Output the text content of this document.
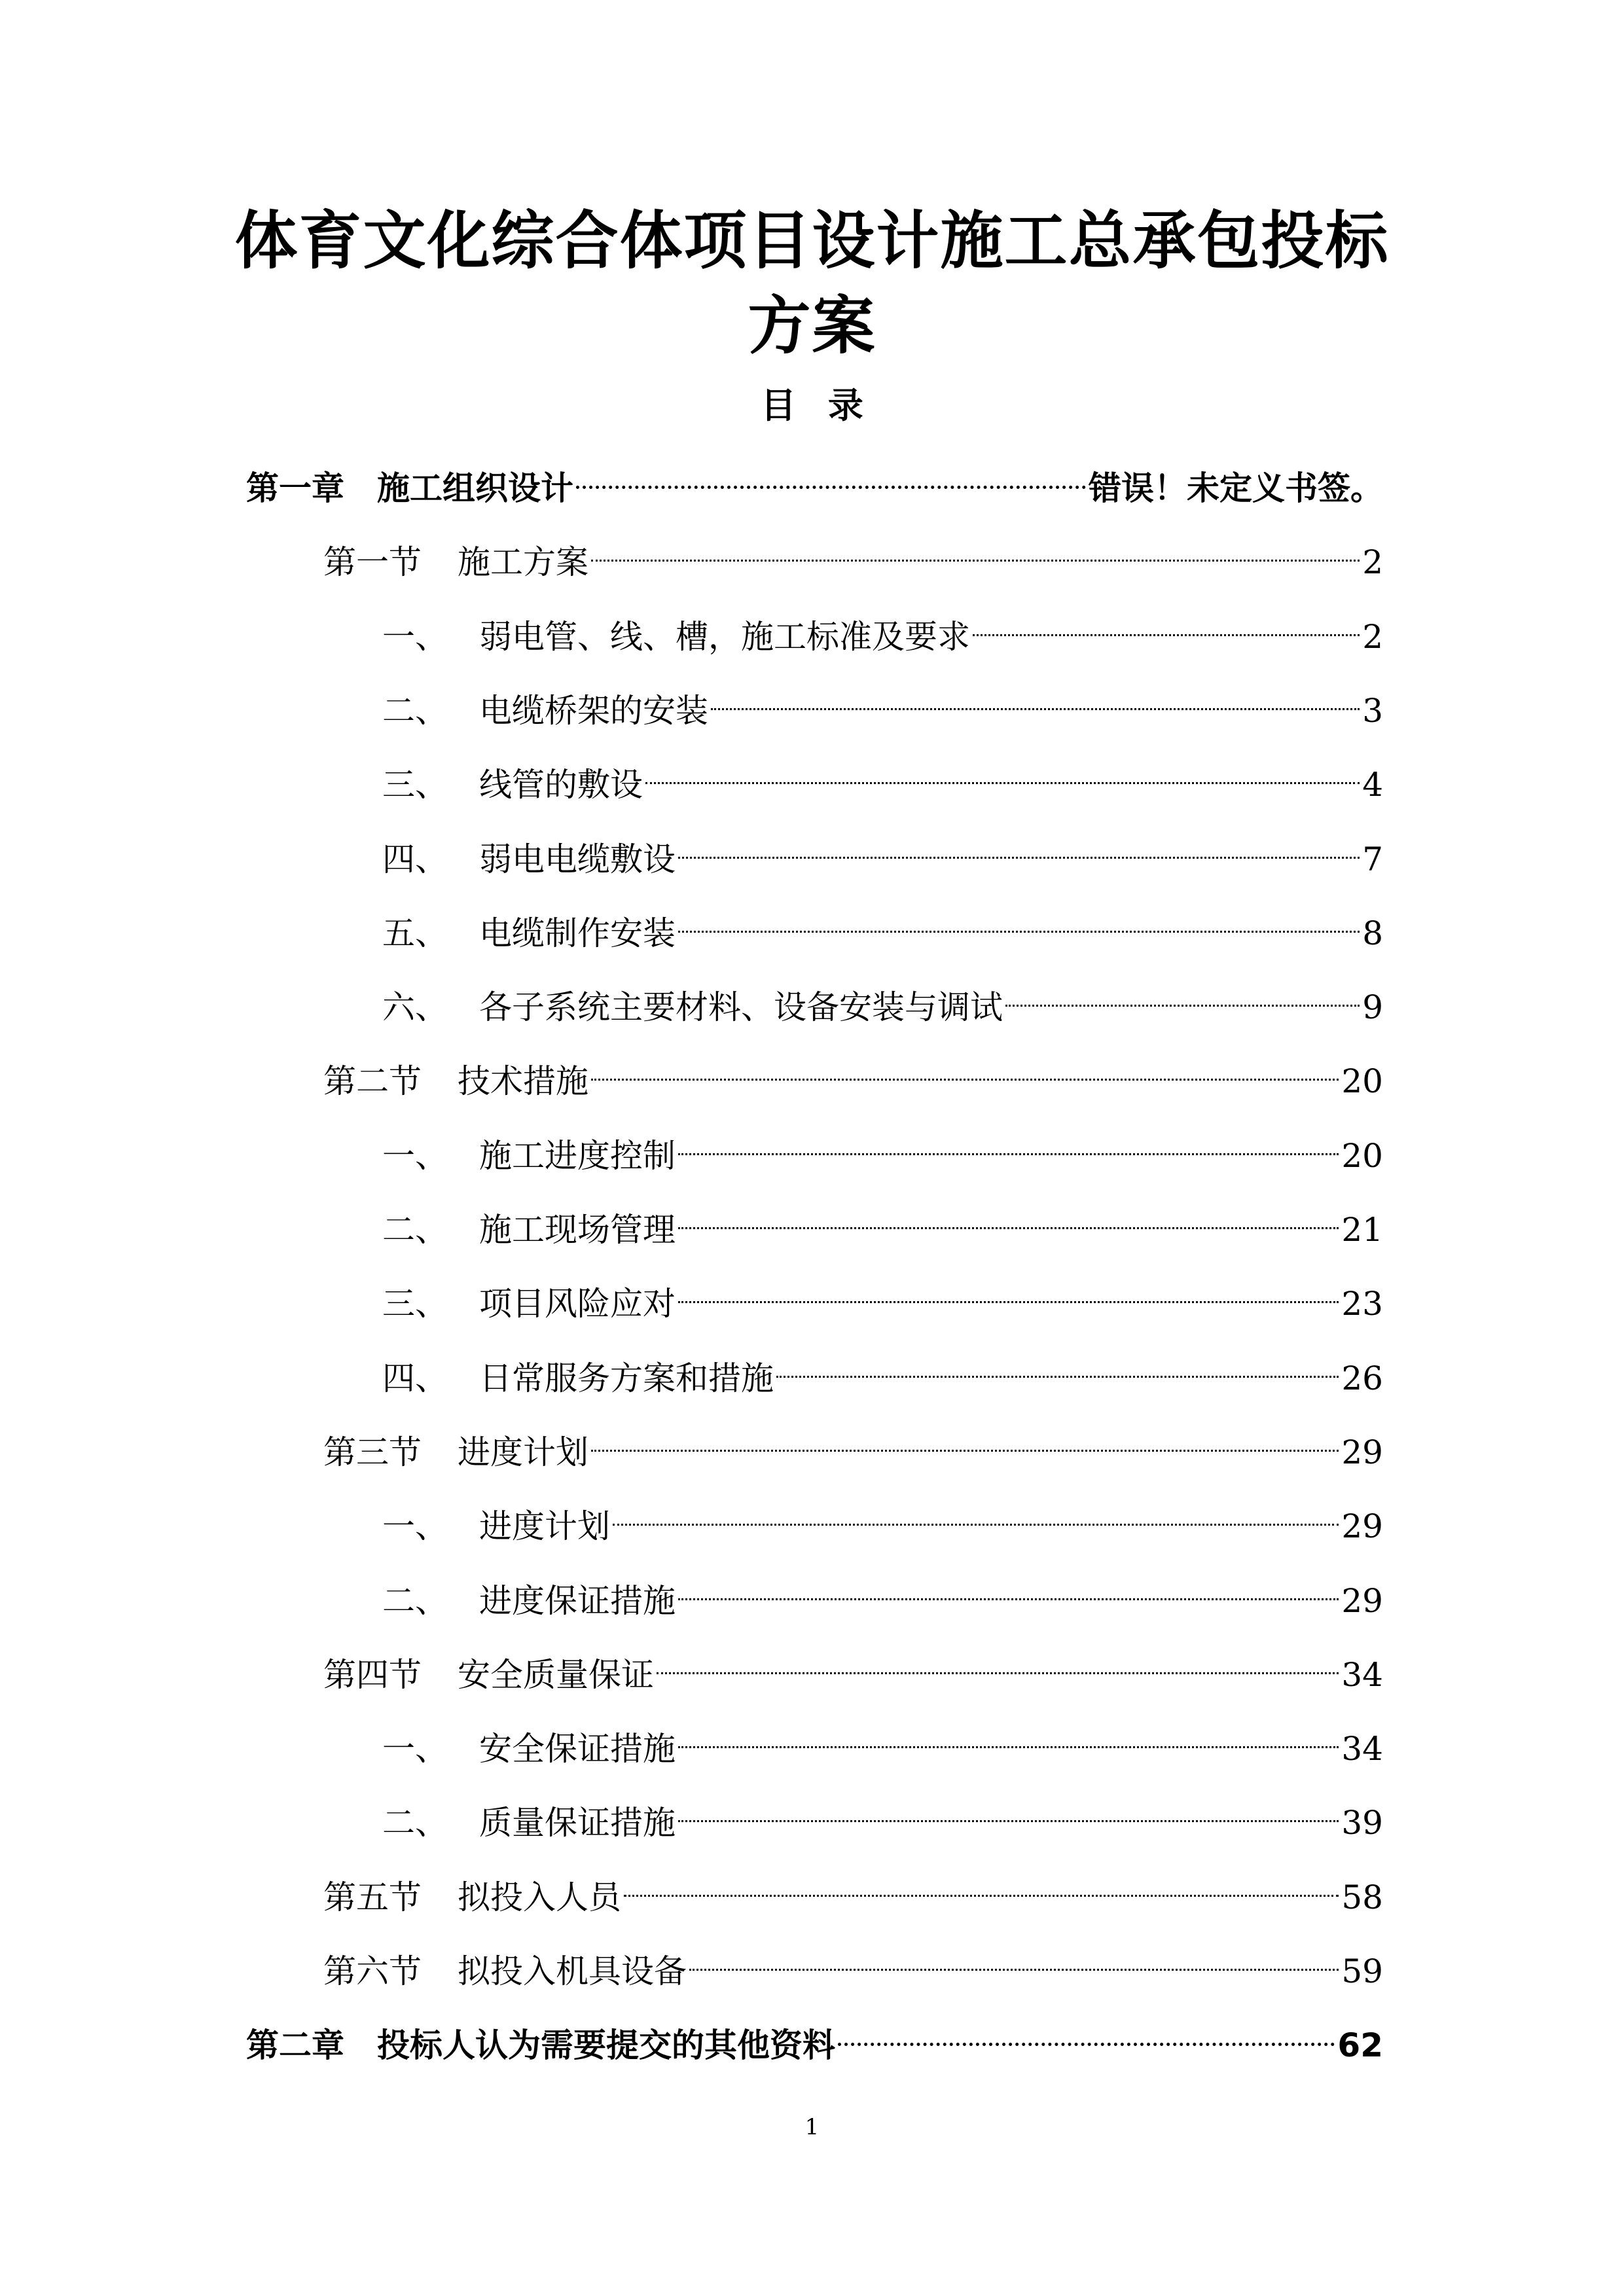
体育文化综合体项目设计施工总承包投标
方案
目 录
第一章	施工组织设计	错误！未定义书签。
第一节	施工方案	2
一、 弱电管、线、槽，施工标准及要求	2
二、 电缆桥架的安装	3
三、 线管的敷设	4
四、 弱电电缆敷设	7
五、 电缆制作安装	8
六、 各子系统主要材料、设备安装与调试	9
第二节	技术措施	20
一、 施工进度控制	20
二、 施工现场管理	21
三、 项目风险应对	23
四、 日常服务方案和措施	26
第三节	进度计划	29
一、 进度计划	29
二、 进度保证措施	29
第四节	安全质量保证	34
一、 安全保证措施	34
二、 质量保证措施	39
第五节	拟投入人员	58
第六节	拟投入机具设备	59
第二章	投标人认为需要提交的其他资料	62
1
